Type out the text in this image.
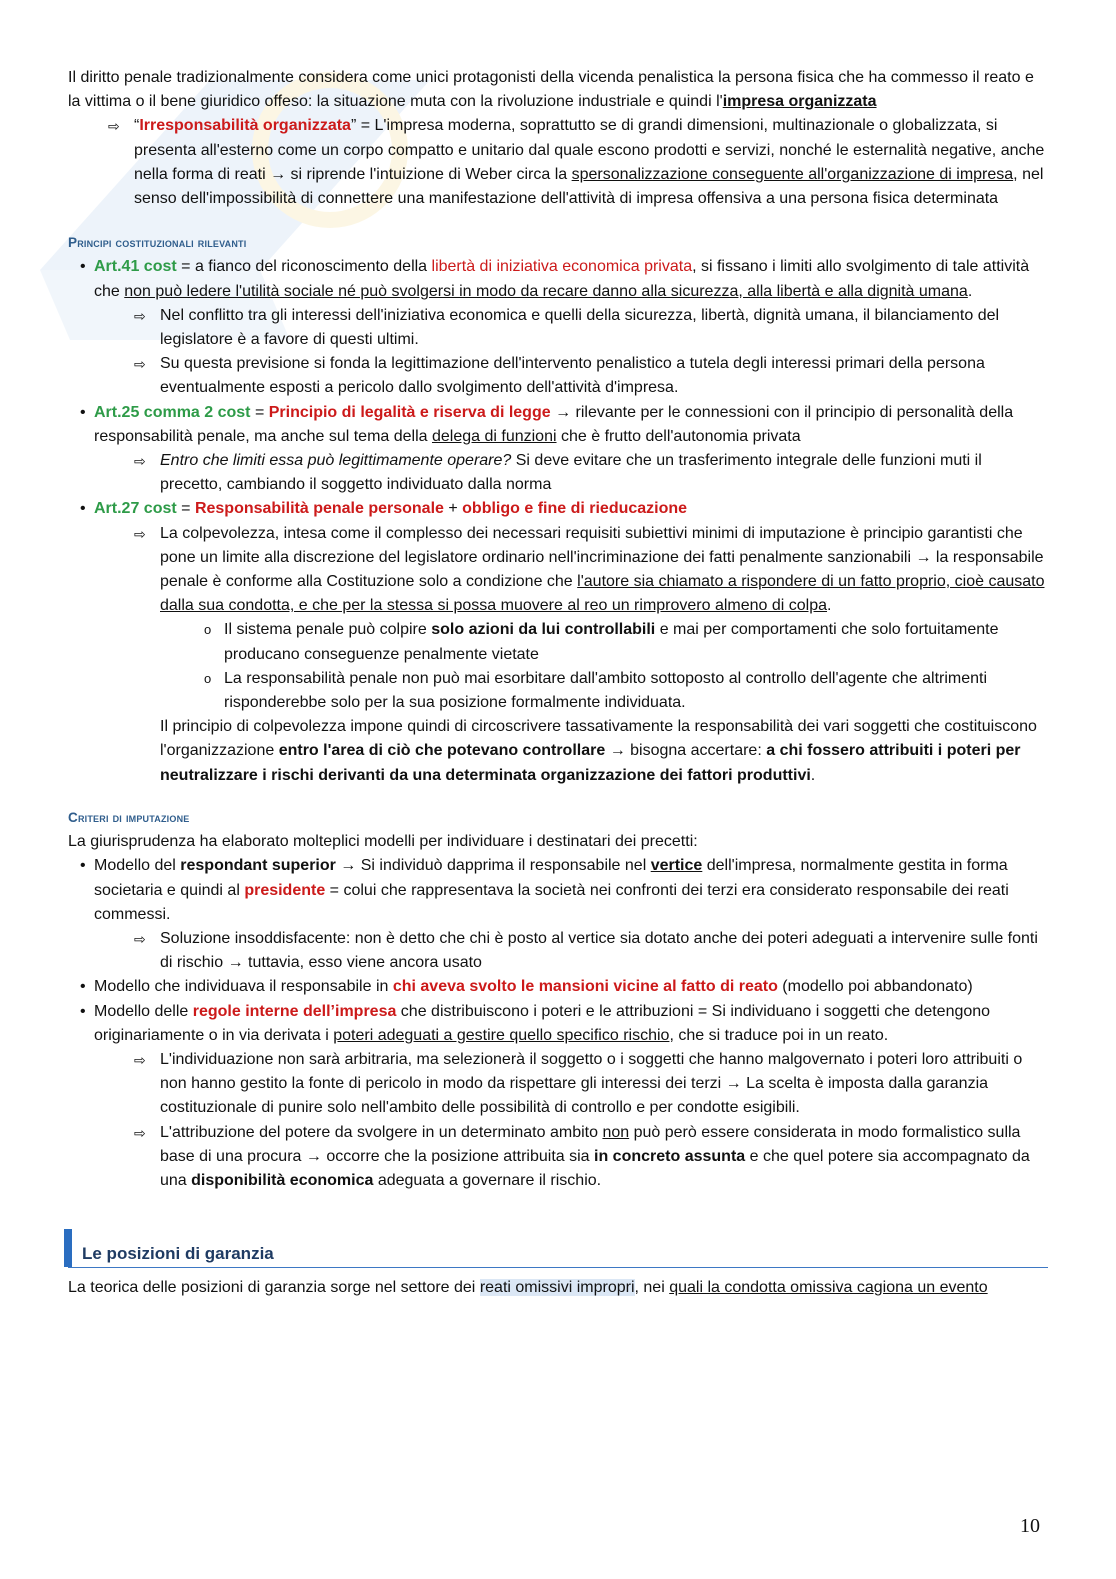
Il diritto penale tradizionalmente considera come unici protagonisti della vicenda penalistica la persona fisica che ha commesso il reato e la vittima o il bene giuridico offeso: la situazione muta con la rivoluzione industriale e quindi l'impresa organizzata

⇨ “Irresponsabilità organizzata” = L'impresa moderna, soprattutto se di grandi dimensioni, multinazionale o globalizzata, si presenta all'esterno come un corpo compatto e unitario dal quale escono prodotti e servizi, nonché le esternalità negative, anche nella forma di reati → si riprende l'intuizione di Weber circa la spersonalizzazione conseguente all'organizzazione di impresa, nel senso dell'impossibilità di connettere una manifestazione dell'attività di impresa offensiva a una persona fisica determinata
Principi costituzionali rilevanti
• Art.41 cost = a fianco del riconoscimento della libertà di iniziativa economica privata, si fissano i limiti allo svolgimento di tale attività che non può ledere l'utilità sociale né può svolgersi in modo da recare danno alla sicurezza, alla libertà e alla dignità umana.
⇨ Nel conflitto tra gli interessi dell'iniziativa economica e quelli della sicurezza, libertà, dignità umana, il bilanciamento del legislatore è a favore di questi ultimi.
⇨ Su questa previsione si fonda la legittimazione dell'intervento penalistico a tutela degli interessi primari della persona eventualmente esposti a pericolo dallo svolgimento dell'attività d'impresa.
• Art.25 comma 2 cost = Principio di legalità e riserva di legge → rilevante per le connessioni con il principio di personalità della responsabilità penale, ma anche sul tema della delega di funzioni che è frutto dell'autonomia privata
⇨ Entro che limiti essa può legittimamente operare? Si deve evitare che un trasferimento integrale delle funzioni muti il precetto, cambiando il soggetto individuato dalla norma
• Art.27 cost = Responsabilità penale personale + obbligo e fine di rieducazione
⇨ La colpevolezza, intesa come il complesso dei necessari requisiti subiettivi minimi di imputazione è principio garantisti che pone un limite alla discrezione del legislatore ordinario nell'incriminazione dei fatti penalmente sanzionabili → la responsabile penale è conforme alla Costituzione solo a condizione che l'autore sia chiamato a rispondere di un fatto proprio, cioè causato dalla sua condotta, e che per la stessa si possa muovere al reo un rimprovero almeno di colpa.
o Il sistema penale può colpire solo azioni da lui controllabili e mai per comportamenti che solo fortuitamente producano conseguenze penalmente vietate
o La responsabilità penale non può mai esorbitare dall'ambito sottoposto al controllo dell'agente che altrimenti risponderebbe solo per la sua posizione formalmente individuata.

Il principio di colpevolezza impone quindi di circoscrivere tassativamente la responsabilità dei vari soggetti che costituiscono l'organizzazione entro l'area di ciò che potevano controllare → bisogna accertare: a chi fossero attribuiti i poteri per neutralizzare i rischi derivanti da una determinata organizzazione dei fattori produttivi.

Criteri di imputazione

La giurisprudenza ha elaborato molteplici modelli per individuare i destinatari dei precetti:

• Modello del respondant superior → Si individuò dapprima il responsabile nel vertice dell'impresa, normalmente gestita in forma societaria e quindi al presidente = colui che rappresentava la società nei confronti dei terzi era considerato responsabile dei reati commessi.
⇨ Soluzione insoddisfacente: non è detto che chi è posto al vertice sia dotato anche dei poteri adeguati a intervenire sulle fonti di rischio → tuttavia, esso viene ancora usato
• Modello che individuava il responsabile in chi aveva svolto le mansioni vicine al fatto di reato (modello poi abbandonato)
• Modello delle regole interne dell’impresa che distribuiscono i poteri e le attribuzioni = Si individuano i soggetti che detengono originariamente o in via derivata i poteri adeguati a gestire quello specifico rischio, che si traduce poi in un reato.
⇨ L'individuazione non sarà arbitraria, ma selezionerà il soggetto o i soggetti che hanno malgovernato i poteri loro attribuiti o non hanno gestito la fonte di pericolo in modo da rispettare gli interessi dei terzi → La scelta è imposta dalla garanzia costituzionale di punire solo nell'ambito delle possibilità di controllo e per condotte esigibili.
⇨ L'attribuzione del potere da svolgere in un determinato ambito non può però essere considerata in modo formalistico sulla base di una procura → occorre che la posizione attribuita sia in concreto assunta e che quel potere sia accompagnato da una disponibilità economica adeguata a governare il rischio.
Le posizioni di garanzia

La teorica delle posizioni di garanzia sorge nel settore dei reati omissivi impropri, nei quali la condotta omissiva cagiona un evento

10
